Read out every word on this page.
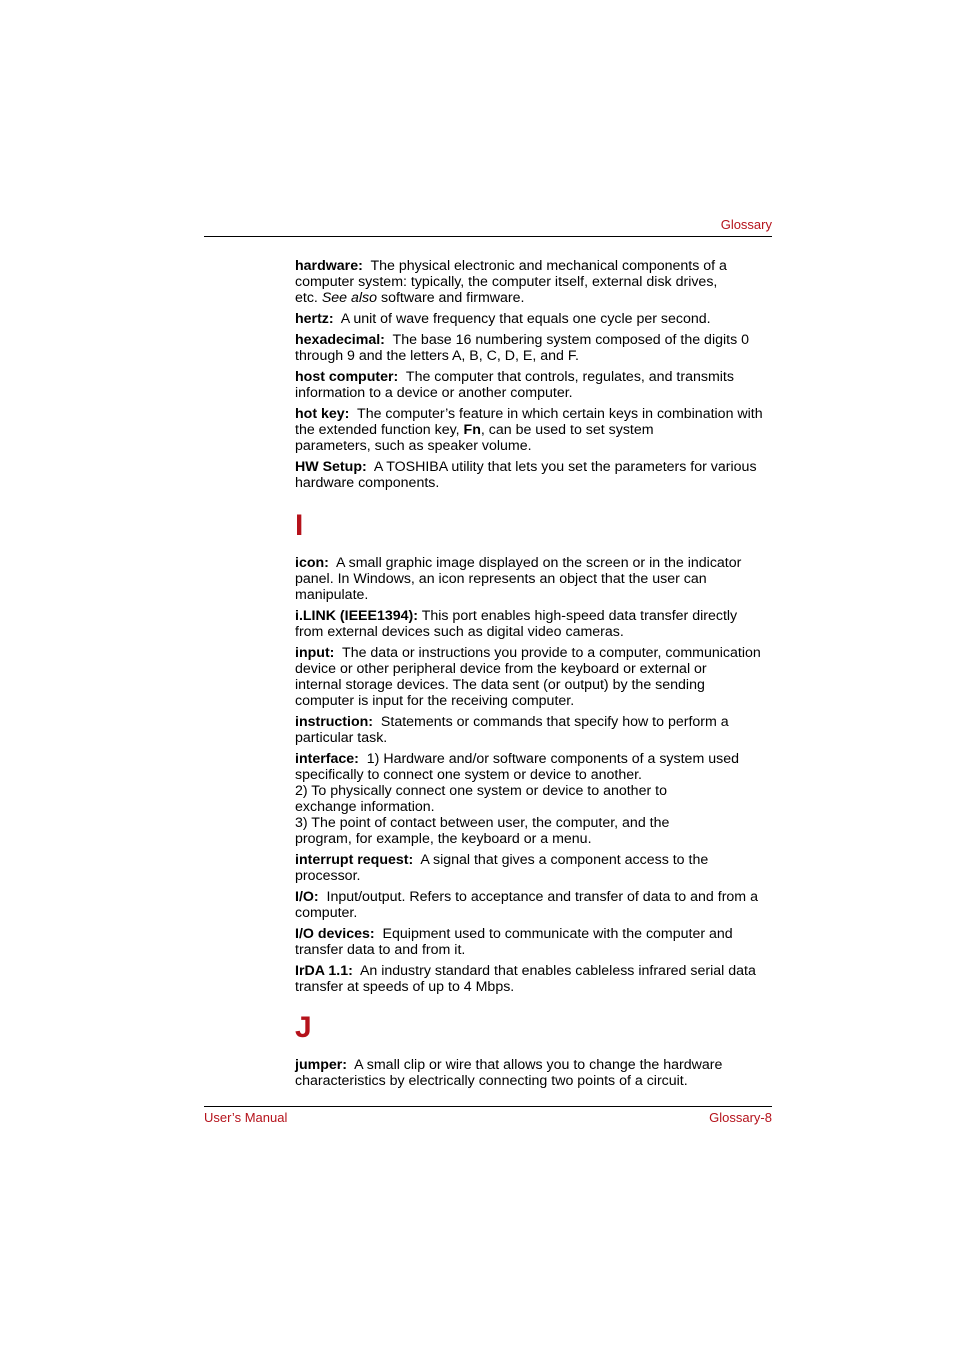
Glossary

hardware: The physical electronic and mechanical components of a
computer system: typically, the computer itself, external disk drives,
etc. See also software and firmware.

hertz: A unit of wave frequency that equals one cycle per second.

hexadecimal: The base 16 numbering system composed of the digits 0
through 9 and the letters A, B, C, D, E, and F.

host computer: The computer that controls, regulates, and transmits
information to a device or another computer.

hot key: The computer’s feature in which certain keys in combination with
the extended function key, Fn, can be used to set system
parameters, such as speaker volume.

HW Setup: A TOSHIBA utility that lets you set the parameters for various
hardware components.

I

icon: A small graphic image displayed on the screen or in the indicator
panel. In Windows, an icon represents an object that the user can
manipulate.

i.LINK (IEEE1394): This port enables high-speed data transfer directly
from external devices such as digital video cameras.

input: The data or instructions you provide to a computer, communication
device or other peripheral device from the keyboard or external or
internal storage devices. The data sent (or output) by the sending
computer is input for the receiving computer.

instruction: Statements or commands that specify how to perform a
particular task.

interface: 1) Hardware and/or software components of a system used
specifically to connect one system or device to another.
2) To physically connect one system or device to another to
exchange information.
3) The point of contact between user, the computer, and the
program, for example, the keyboard or a menu.

interrupt request: A signal that gives a component access to the
processor.

I/O: Input/output. Refers to acceptance and transfer of data to and from a
computer.

I/O devices: Equipment used to communicate with the computer and
transfer data to and from it.

IrDA 1.1: An industry standard that enables cableless infrared serial data
transfer at speeds of up to 4 Mbps.

J

jumper: A small clip or wire that allows you to change the hardware
characteristics by electrically connecting two points of a circuit.

User’s Manual	Glossary-8
